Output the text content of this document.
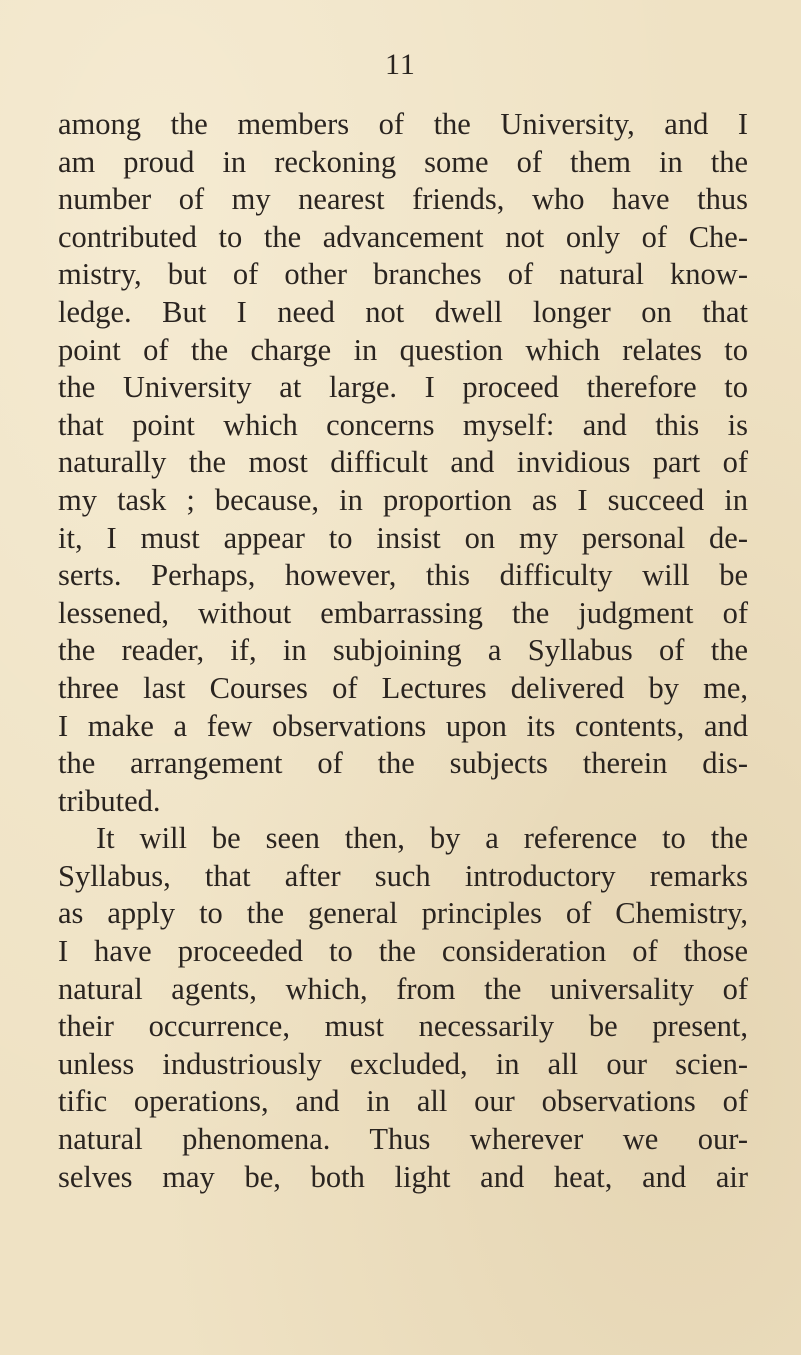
11
among the members of the University, and I
am proud in reckoning some of them in the
number of my nearest friends, who have thus
contributed to the advancement not only of Che-
mistry, but of other branches of natural know-
ledge. But I need not dwell longer on that
point of the charge in question which relates to
the University at large. I proceed therefore to
that point which concerns myself: and this is
naturally the most difficult and invidious part of
my task ; because, in proportion as I succeed in
it, I must appear to insist on my personal de-
serts. Perhaps, however, this difficulty will be
lessened, without embarrassing the judgment of
the reader, if, in subjoining a Syllabus of the
three last Courses of Lectures delivered by me,
I make a few observations upon its contents, and
the arrangement of the subjects therein dis-
tributed.
It will be seen then, by a reference to the
Syllabus, that after such introductory remarks
as apply to the general principles of Chemistry,
I have proceeded to the consideration of those
natural agents, which, from the universality of
their occurrence, must necessarily be present,
unless industriously excluded, in all our scien-
tific operations, and in all our observations of
natural phenomena. Thus wherever we our-
selves may be, both light and heat, and air
